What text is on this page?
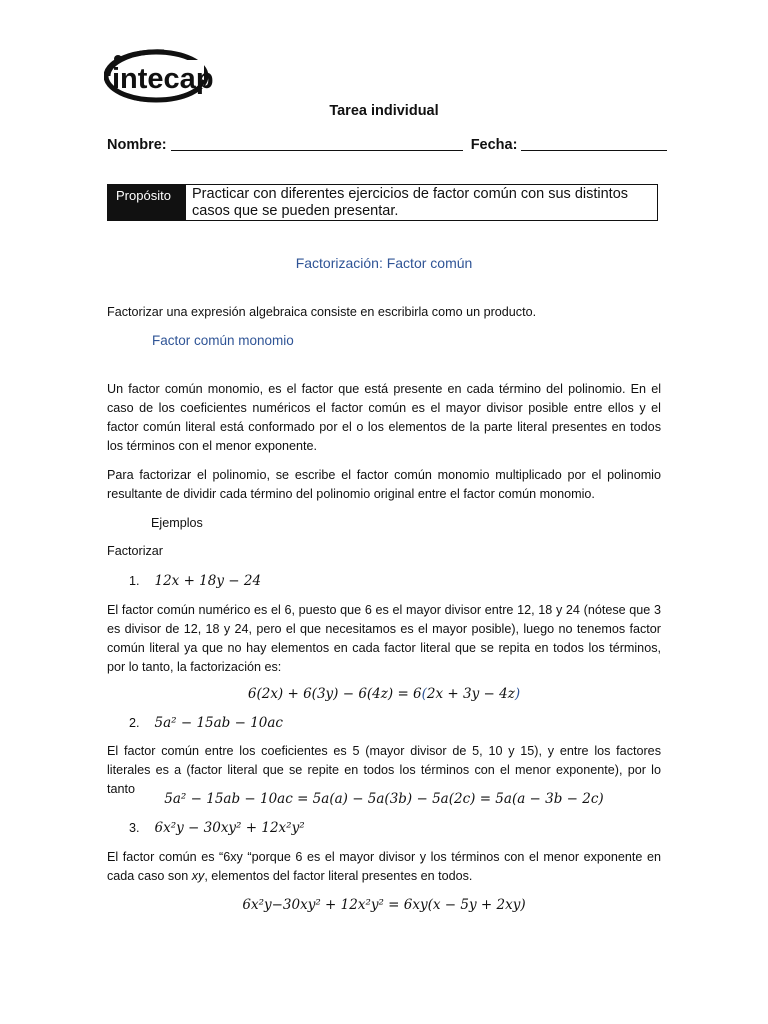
intecap
Tarea individual
Nombre:	Fecha:
Propósito	Practicar con diferentes ejercicios de factor común con sus distintos casos que se pueden presentar.
Factorización: Factor común
Factorizar una expresión algebraica consiste en escribirla como un producto.
Factor común monomio
Un factor común monomio, es el factor que está presente en cada término del polinomio. En el caso de los coeficientes numéricos el factor común es el mayor divisor posible entre ellos y el factor común literal está conformado por el o los elementos de la parte literal presentes en todos los términos con el menor exponente.
Para factorizar el polinomio, se escribe el factor común monomio multiplicado por el polinomio resultante de dividir cada término del polinomio original entre el factor común monomio.
Ejemplos
Factorizar
1. 12x + 18y − 24
El factor común numérico es el 6, puesto que 6 es el mayor divisor entre 12, 18 y 24 (nótese que 3 es divisor de 12, 18 y 24, pero el que necesitamos es el mayor posible), luego no tenemos factor común literal ya que no hay elementos en cada factor literal que se repita en todos los términos, por lo tanto, la factorización es:
6(2x) + 6(3y) − 6(4z) = 6(2x + 3y − 4z)
2. 5a² − 15ab − 10ac
El factor común entre los coeficientes es 5 (mayor divisor de 5, 10 y 15), y entre los factores literales es a (factor literal que se repite en todos los términos con el menor exponente), por lo tanto
5a² − 15ab − 10ac = 5a(a) − 5a(3b) − 5a(2c) = 5a(a − 3b − 2c)
3. 6x²y − 30xy² + 12x²y²
El factor común es “6xy “porque 6 es el mayor divisor y los términos con el menor exponente en cada caso son xy, elementos del factor literal presentes en todos.
6x²y−30xy² + 12x²y² = 6xy(x − 5y + 2xy)
